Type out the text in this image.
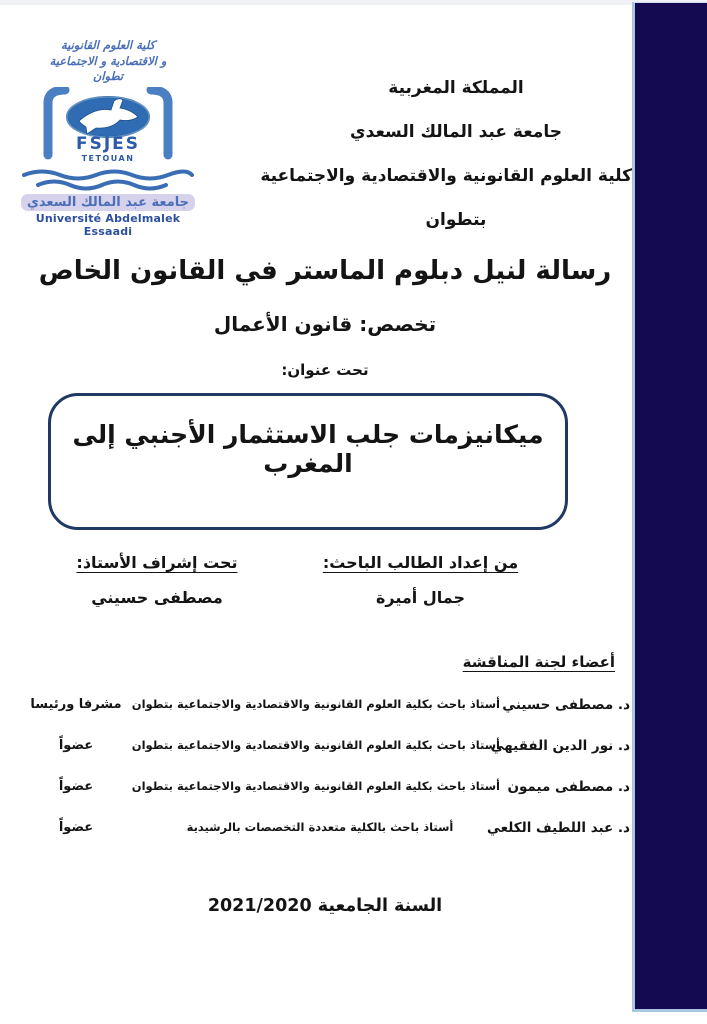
كلية العلوم القانونية
و الاقتصادية و الاجتماعية
تطوان
FSJES
TETOUAN
جامعة عبد المالك السعدي
Université Abdelmalek Essaadi
المملكة المغربية
جامعة عبد المالك السعدي
كلية العلوم القانونية والاقتصادية والاجتماعية
بتطوان
رسالة لنيل دبلوم الماستر في القانون الخاص
تخصص: قانون الأعمال
تحت عنوان:
ميكانيزمات جلب الاستثمار الأجنبي إلى المغرب
من إعداد الطالب الباحث:
جمال أميرة
تحت إشراف الأستاذ:
مصطفى حسيني
أعضاء لجنة المناقشة
د. مصطفى حسيني
أستاذ باحث بكلية العلوم القانونية والاقتصادية والاجتماعية بتطوان
مشرفا ورئيسا
د. نور الدين الفقيهي
أستاذ باحث بكلية العلوم القانونية والاقتصادية والاجتماعية بتطوان
عضواً
د. مصطفى ميمون
أستاذ باحث بكلية العلوم القانونية والاقتصادية والاجتماعية بتطوان
عضواً
د. عبد اللطيف الكلعي
أستاذ باحث بالكلية متعددة التخصصات بالرشيدية
عضواً
السنة الجامعية 2021/2020
